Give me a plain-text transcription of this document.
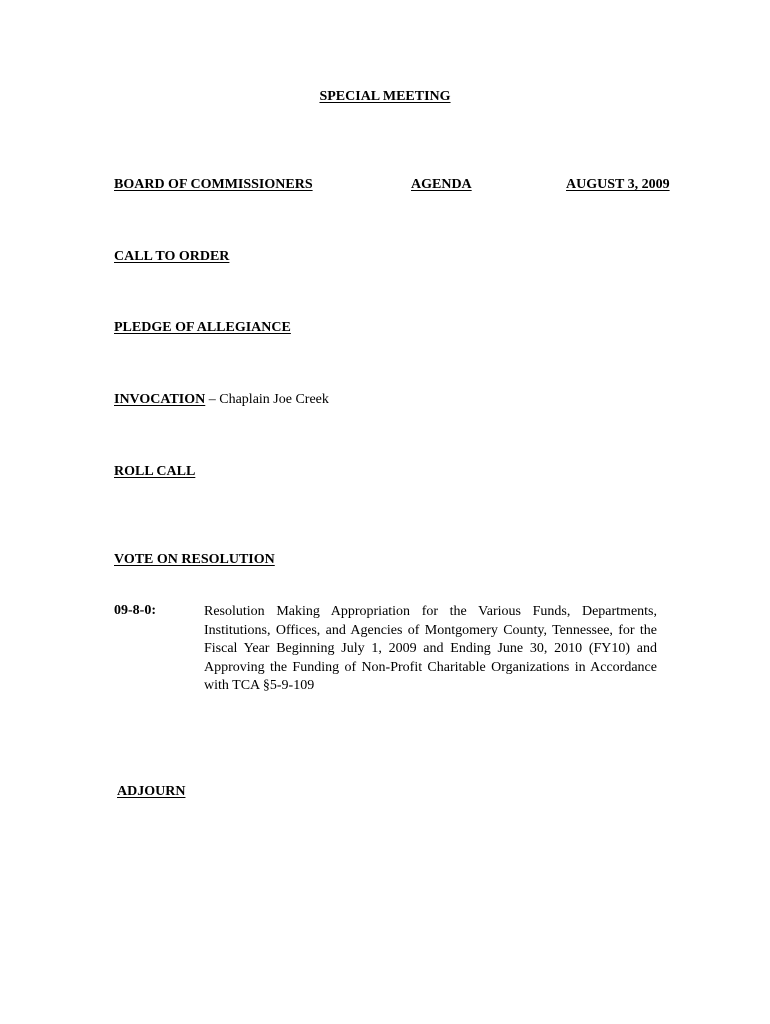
SPECIAL MEETING
BOARD OF COMMISSIONERS	AGENDA	AUGUST 3, 2009
CALL TO ORDER
PLEDGE OF ALLEGIANCE
INVOCATION – Chaplain Joe Creek
ROLL CALL
VOTE ON RESOLUTION
09-8-0:	Resolution Making Appropriation for the Various Funds, Departments, Institutions, Offices, and Agencies of Montgomery County, Tennessee, for the Fiscal Year Beginning July 1, 2009 and Ending June 30, 2010 (FY10) and Approving the Funding of Non-Profit Charitable Organizations in Accordance with TCA §5-9-109
ADJOURN
